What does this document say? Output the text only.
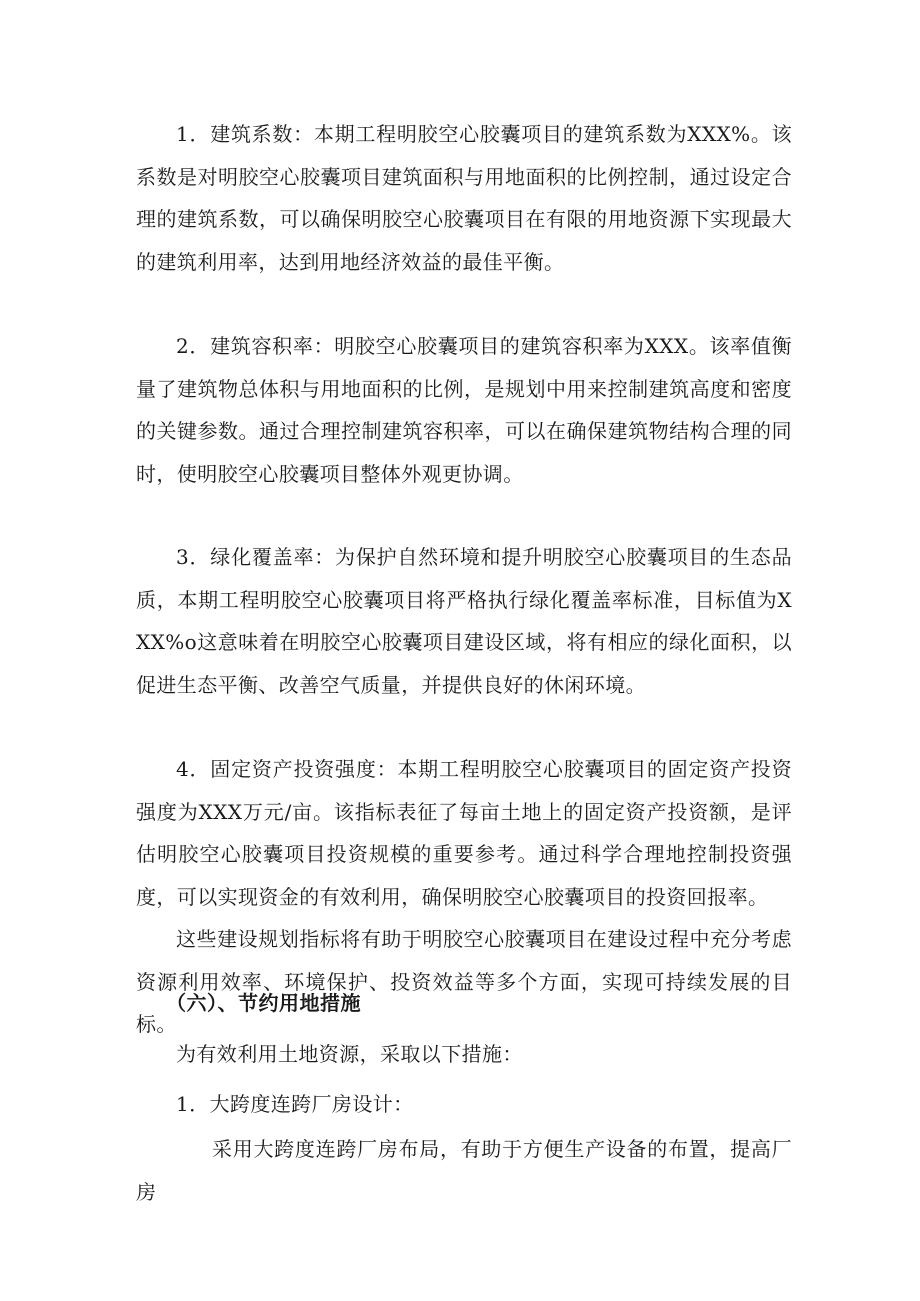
1．建筑系数：本期工程明胶空心胶囊项目的建筑系数为XXX%。该系数是对明胶空心胶囊项目建筑面积与用地面积的比例控制，通过设定合理的建筑系数，可以确保明胶空心胶囊项目在有限的用地资源下实现最大的建筑利用率，达到用地经济效益的最佳平衡。

2．建筑容积率：明胶空心胶囊项目的建筑容积率为XXX。该率值衡量了建筑物总体积与用地面积的比例，是规划中用来控制建筑高度和密度的关键参数。通过合理控制建筑容积率，可以在确保建筑物结构合理的同时，使明胶空心胶囊项目整体外观更协调。

3．绿化覆盖率：为保护自然环境和提升明胶空心胶囊项目的生态品质，本期工程明胶空心胶囊项目将严格执行绿化覆盖率标准，目标值为XXX%o这意味着在明胶空心胶囊项目建设区域，将有相应的绿化面积，以促进生态平衡、改善空气质量，并提供良好的休闲环境。

4．固定资产投资强度：本期工程明胶空心胶囊项目的固定资产投资强度为XXX万元/亩。该指标表征了每亩土地上的固定资产投资额，是评估明胶空心胶囊项目投资规模的重要参考。通过科学合理地控制投资强度，可以实现资金的有效利用，确保明胶空心胶囊项目的投资回报率。

这些建设规划指标将有助于明胶空心胶囊项目在建设过程中充分考虑资源利用效率、环境保护、投资效益等多个方面，实现可持续发展的目标。

（六）、节约用地措施

为有效利用土地资源，采取以下措施：

1．大跨度连跨厂房设计：

采用大跨度连跨厂房布局，有助于方便生产设备的布置，提高厂房
